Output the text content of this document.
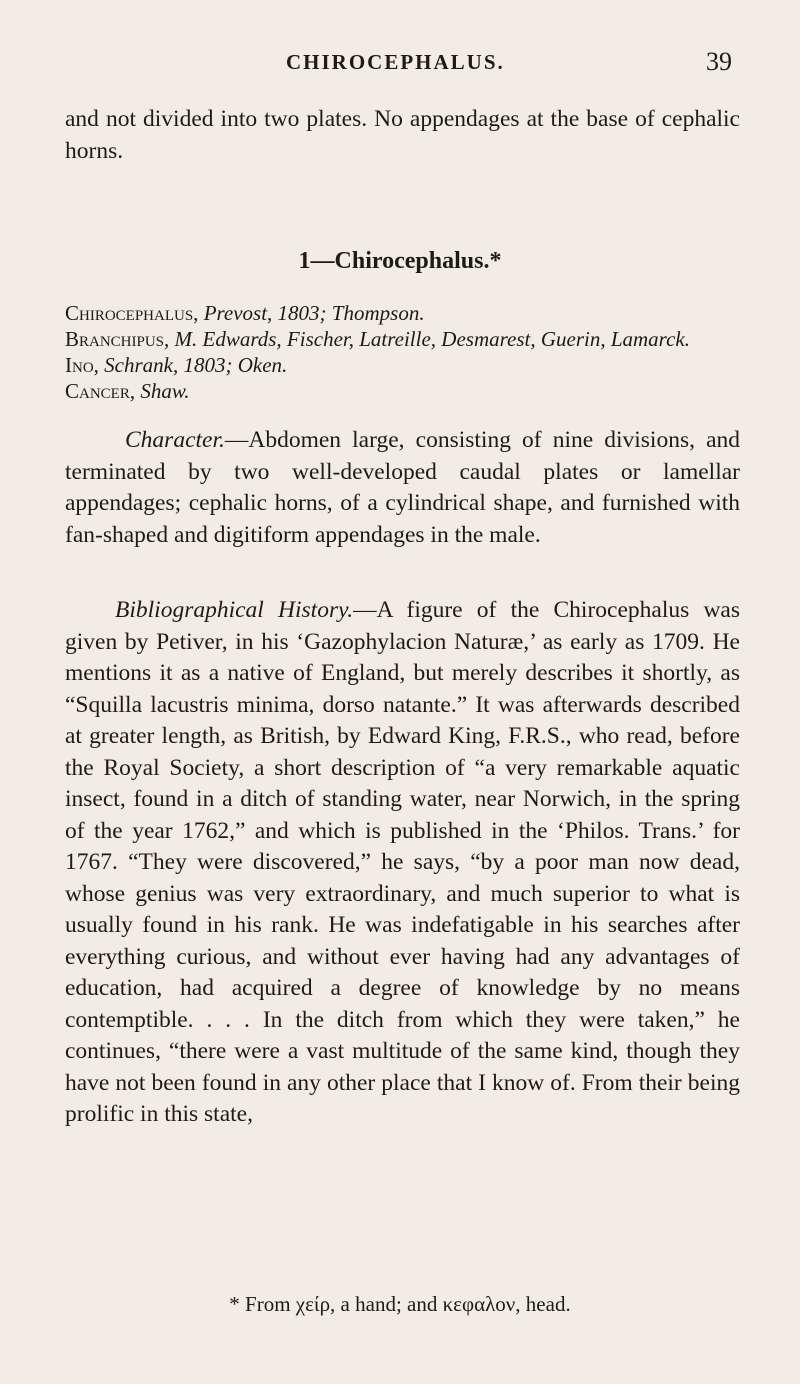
CHIROCEPHALUS.	39

and not divided into two plates. No appendages at the base of cephalic horns.

1—Chirocephalus.*
Chirocephalus, Prevost, 1803; Thompson.
Branchipus, M. Edwards, Fischer, Latreille, Desmarest, Guerin, Lamarck.
Ino, Schrank, 1803; Oken.
Cancer, Shaw.

Character.—Abdomen large, consisting of nine divisions, and terminated by two well-developed caudal plates or lamellar appendages; cephalic horns, of a cylindrical shape, and furnished with fan-shaped and digitiform appendages in the male.

Bibliographical History.—A figure of the Chirocephalus was given by Petiver, in his ‘Gazophylacion Naturæ,’ as early as 1709. He mentions it as a native of England, but merely describes it shortly, as “Squilla lacustris minima, dorso natante.” It was afterwards described at greater length, as British, by Edward King, F.R.S., who read, before the Royal Society, a short description of “a very remarkable aquatic insect, found in a ditch of standing water, near Norwich, in the spring of the year 1762,” and which is published in the ‘Philos. Trans.’ for 1767. “They were discovered,” he says, “by a poor man now dead, whose genius was very extraordinary, and much superior to what is usually found in his rank. He was indefatigable in his searches after everything curious, and without ever having had any advantages of education, had acquired a degree of knowledge by no means contemptible. . . . In the ditch from which they were taken,” he continues, “there were a vast multitude of the same kind, though they have not been found in any other place that I know of. From their being prolific in this state,

* From χείρ, a hand; and κεφαλον, head.
